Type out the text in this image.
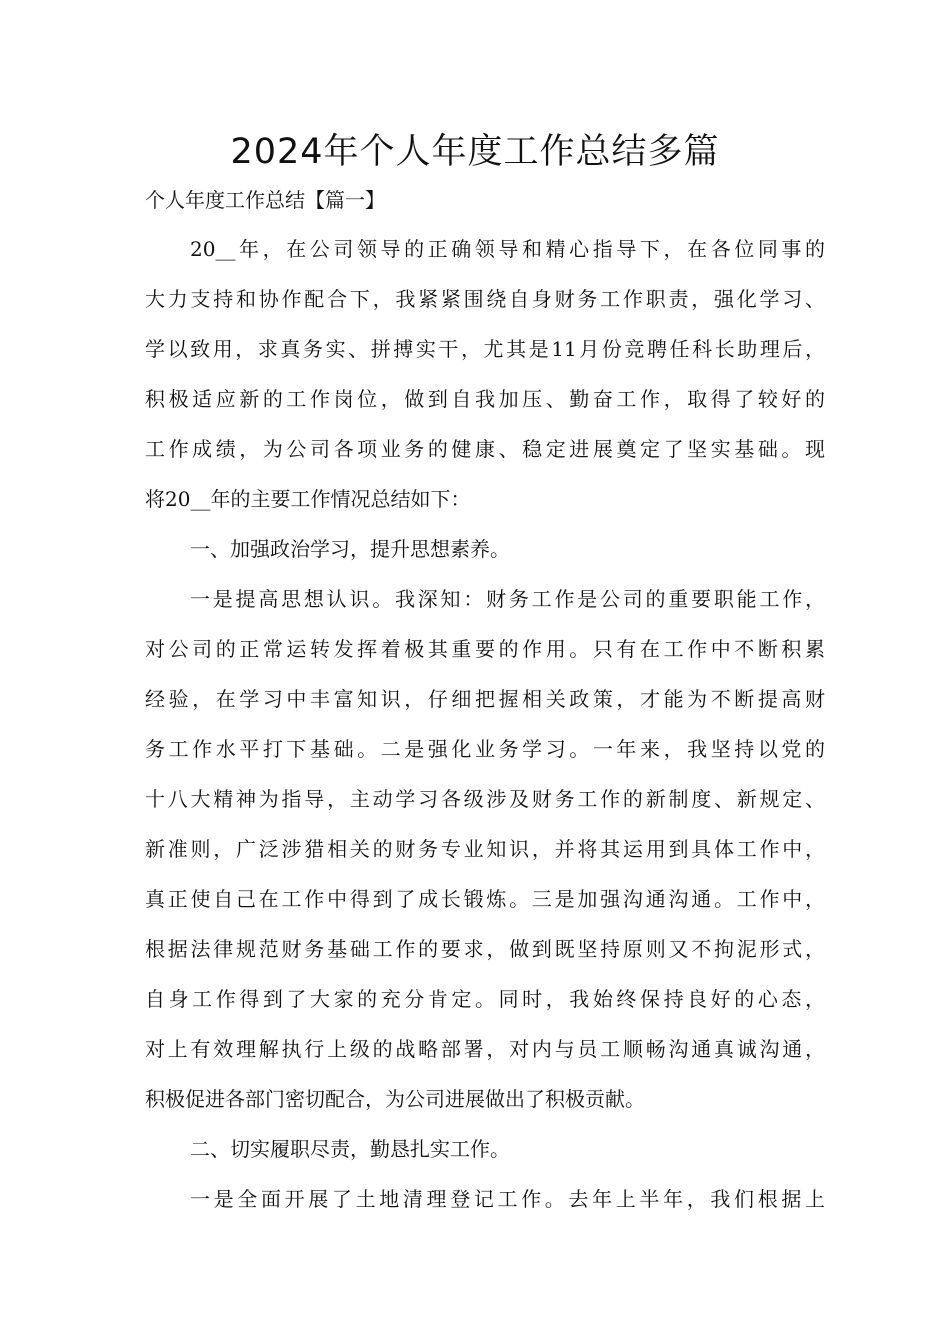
2024年个人年度工作总结多篇
个人年度工作总结【篇一】
20__年，在公司领导的正确领导和精心指导下，在各位同事的
大力支持和协作配合下，我紧紧围绕自身财务工作职责，强化学习、
学以致用，求真务实、拼搏实干，尤其是11月份竞聘任科长助理后，
积极适应新的工作岗位，做到自我加压、勤奋工作，取得了较好的
工作成绩，为公司各项业务的健康、稳定进展奠定了坚实基础。现
将20__年的主要工作情况总结如下：
一、加强政治学习，提升思想素养。
一是提高思想认识。我深知：财务工作是公司的重要职能工作，
对公司的正常运转发挥着极其重要的作用。只有在工作中不断积累
经验，在学习中丰富知识，仔细把握相关政策，才能为不断提高财
务工作水平打下基础。二是强化业务学习。一年来，我坚持以党的
十八大精神为指导，主动学习各级涉及财务工作的新制度、新规定、
新准则，广泛涉猎相关的财务专业知识，并将其运用到具体工作中，
真正使自己在工作中得到了成长锻炼。三是加强沟通沟通。工作中，
根据法律规范财务基础工作的要求，做到既坚持原则又不拘泥形式，
自身工作得到了大家的充分肯定。同时，我始终保持良好的心态，
对上有效理解执行上级的战略部署，对内与员工顺畅沟通真诚沟通，
积极促进各部门密切配合，为公司进展做出了积极贡献。
二、切实履职尽责，勤恳扎实工作。
一是全面开展了土地清理登记工作。去年上半年，我们根据上
